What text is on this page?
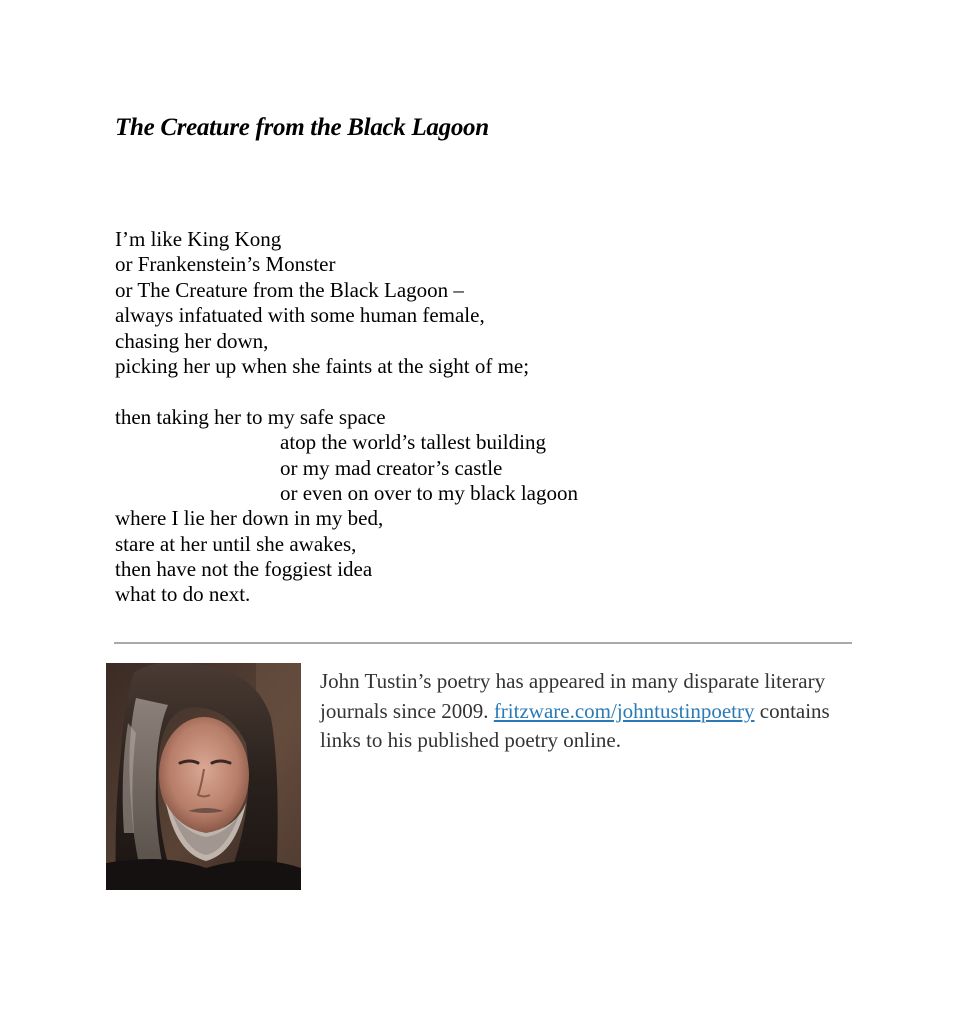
The Creature from the Black Lagoon
I’m like King Kong
or Frankenstein’s Monster
or The Creature from the Black Lagoon –
always infatuated with some human female,
chasing her down,
picking her up when she faints at the sight of me;
then taking her to my safe space
atop the world’s tallest building
or my mad creator’s castle
or even on over to my black lagoon
where I lie her down in my bed,
stare at her until she awakes,
then have not the foggiest idea
what to do next.
John Tustin’s poetry has appeared in many disparate literary journals since 2009. fritzware.com/johntustinpoetry contains links to his published poetry online.
